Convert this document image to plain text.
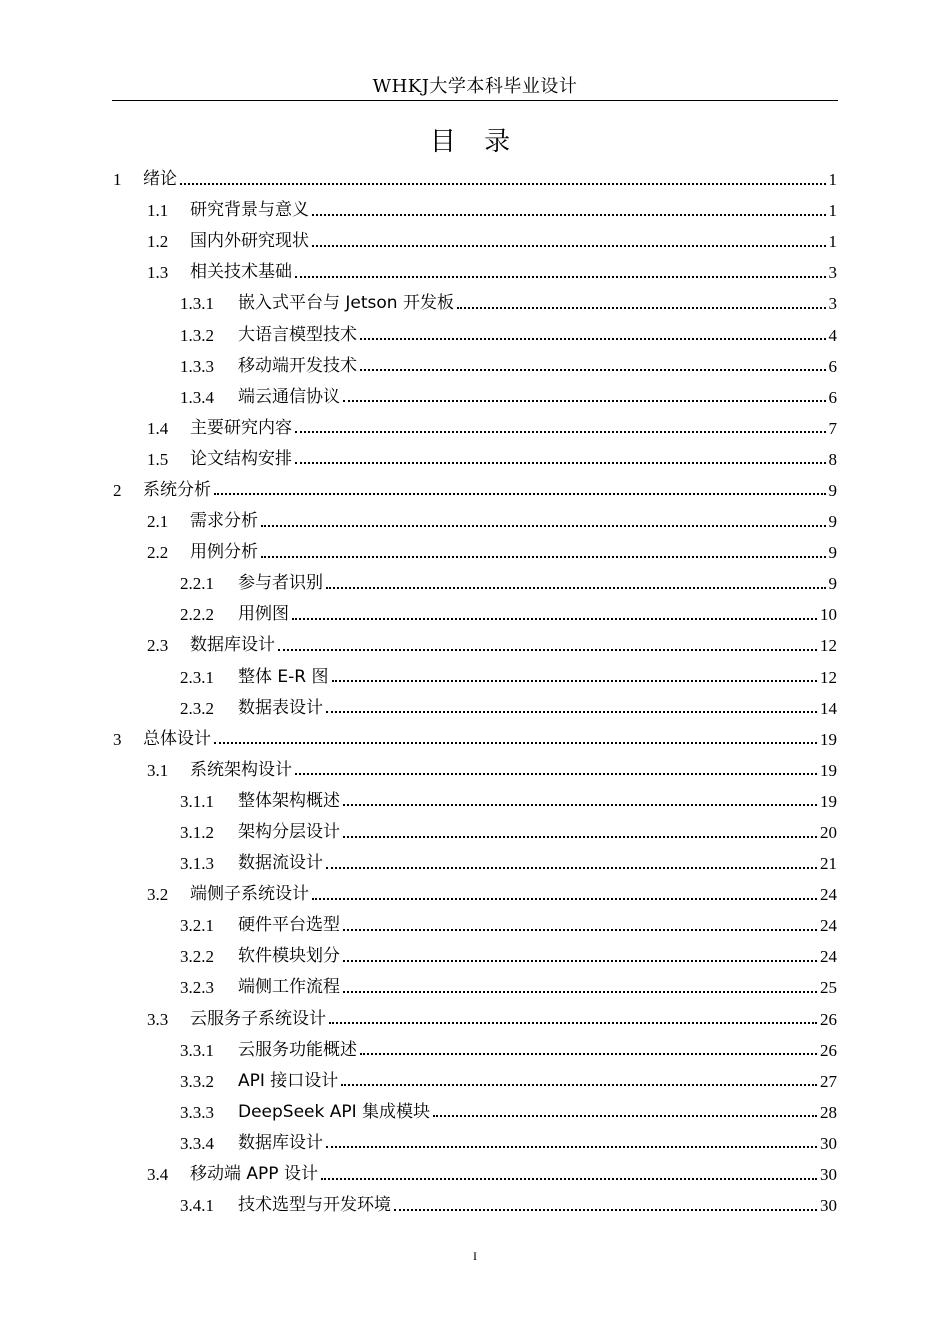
WHKJ大学本科毕业设计
目 录
1	绪论	1
1.1	研究背景与意义	1
1.2	国内外研究现状	1
1.3	相关技术基础	3
1.3.1	嵌入式平台与 Jetson 开发板	3
1.3.2	大语言模型技术	4
1.3.3	移动端开发技术	6
1.3.4	端云通信协议	6
1.4	主要研究内容	7
1.5	论文结构安排	8
2	系统分析	9
2.1	需求分析	9
2.2	用例分析	9
2.2.1	参与者识别	9
2.2.2	用例图	10
2.3	数据库设计	12
2.3.1	整体 E-R 图	12
2.3.2	数据表设计	14
3	总体设计	19
3.1	系统架构设计	19
3.1.1	整体架构概述	19
3.1.2	架构分层设计	20
3.1.3	数据流设计	21
3.2	端侧子系统设计	24
3.2.1	硬件平台选型	24
3.2.2	软件模块划分	24
3.2.3	端侧工作流程	25
3.3	云服务子系统设计	26
3.3.1	云服务功能概述	26
3.3.2	API 接口设计	27
3.3.3	DeepSeek API 集成模块	28
3.3.4	数据库设计	30
3.4	移动端 APP 设计	30
3.4.1	技术选型与开发环境	30
I
